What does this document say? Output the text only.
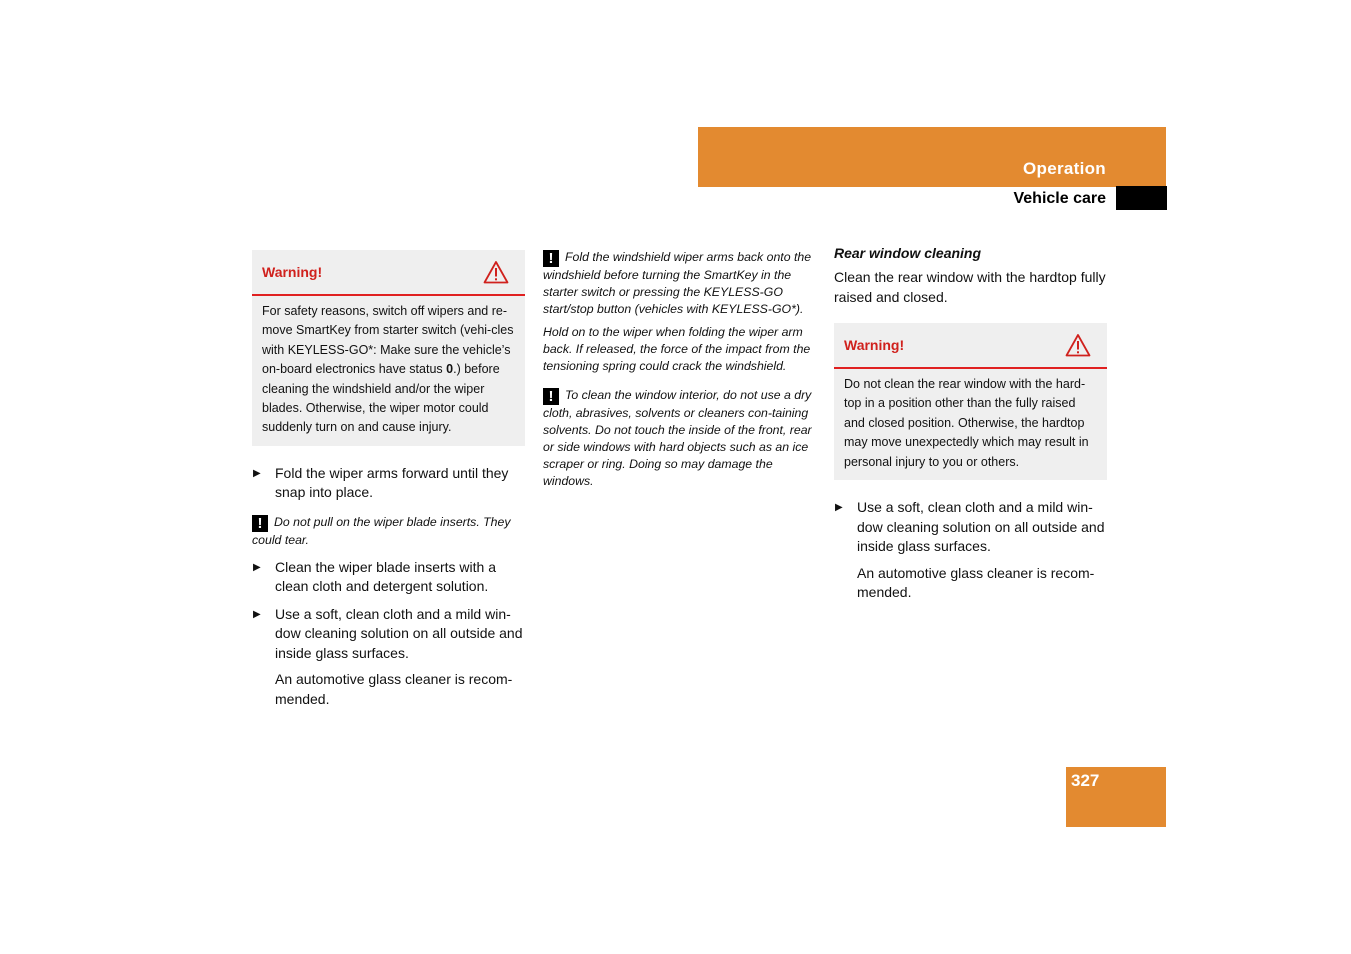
Operation
Vehicle care
Warning!
For safety reasons, switch off wipers and re-move SmartKey from starter switch (vehi-cles with KEYLESS-GO*: Make sure the vehicle’s on-board electronics have status 0.) before cleaning the windshield and/or the wiper blades. Otherwise, the wiper motor could suddenly turn on and cause injury.

▶ Fold the wiper arms forward until they snap into place.

! Do not pull on the wiper blade inserts. They could tear.

▶ Clean the wiper blade inserts with a clean cloth and detergent solution.

▶ Use a soft, clean cloth and a mild win-dow cleaning solution on all outside and inside glass surfaces.

An automotive glass cleaner is recom-mended.

! Fold the windshield wiper arms back onto the windshield before turning the SmartKey in the starter switch or pressing the KEYLESS-GO start/stop button (vehicles with KEYLESS-GO*).

Hold on to the wiper when folding the wiper arm back. If released, the force of the impact from the tensioning spring could crack the windshield.

! To clean the window interior, do not use a dry cloth, abrasives, solvents or cleaners con-taining solvents. Do not touch the inside of the front, rear or side windows with hard objects such as an ice scraper or ring. Doing so may damage the windows.

Rear window cleaning

Clean the rear window with the hardtop fully raised and closed.

Warning!
Do not clean the rear window with the hard-top in a position other than the fully raised and closed position. Otherwise, the hardtop may move unexpectedly which may result in personal injury to you or others.

▶ Use a soft, clean cloth and a mild win-dow cleaning solution on all outside and inside glass surfaces.

An automotive glass cleaner is recom-mended.

327
